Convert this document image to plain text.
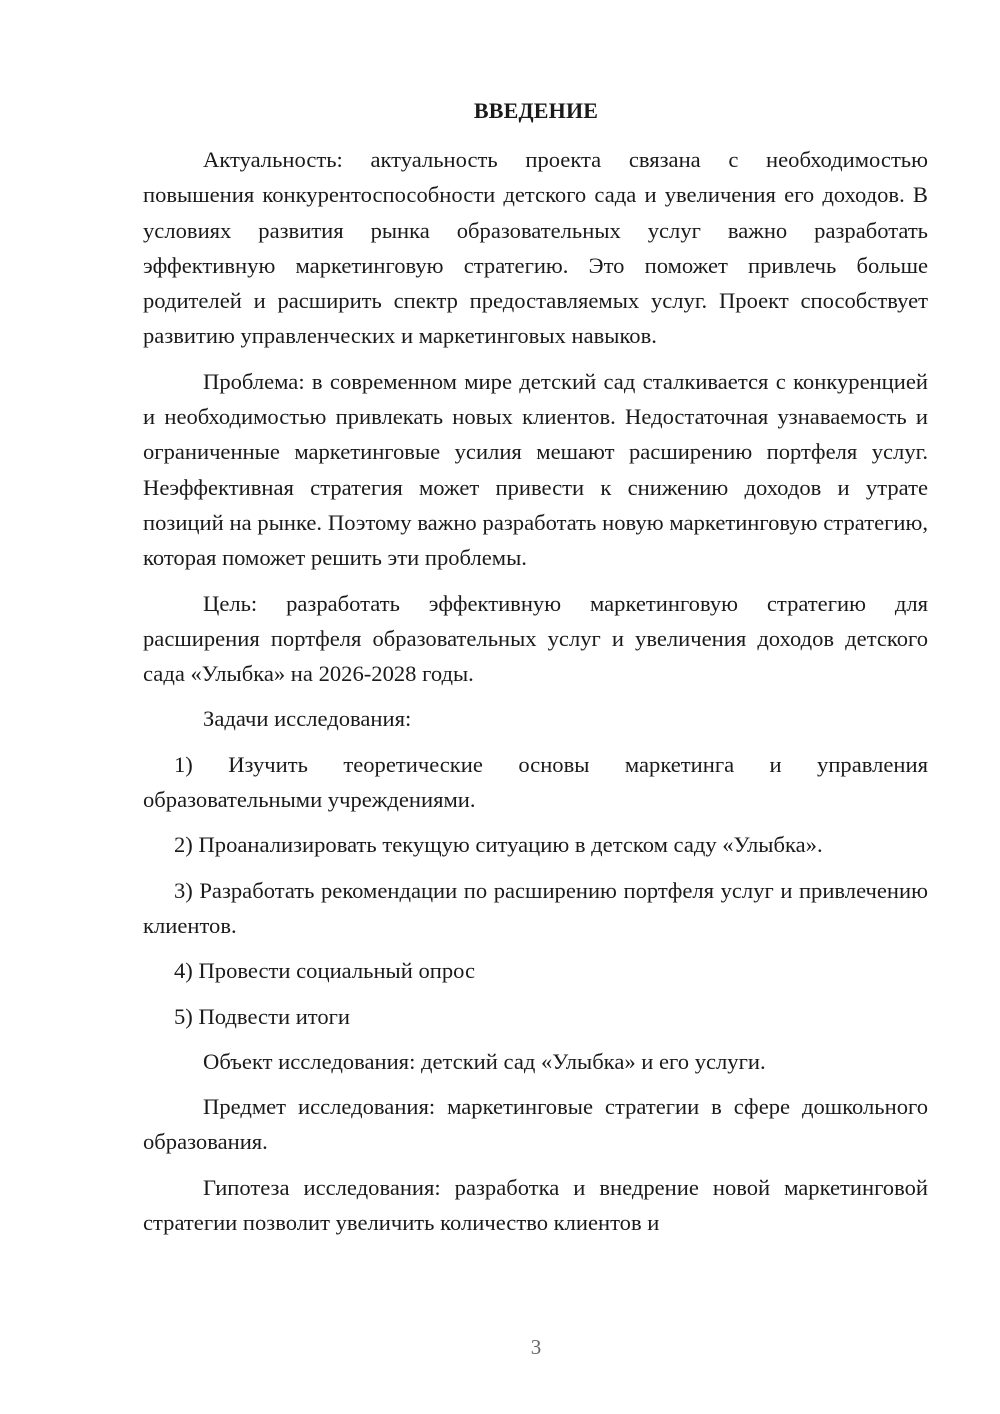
ВВЕДЕНИЕ

Актуальность: актуальность проекта связана с необходимостью повышения конкурентоспособности детского сада и увеличения его доходов. В условиях развития рынка образовательных услуг важно разработать эффективную маркетинговую стратегию. Это поможет привлечь больше родителей и расширить спектр предоставляемых услуг. Проект способствует развитию управленческих и маркетинговых навыков.

Проблема: в современном мире детский сад сталкивается с конкуренцией и необходимостью привлекать новых клиентов. Недостаточная узнаваемость и ограниченные маркетинговые усилия мешают расширению портфеля услуг. Неэффективная стратегия может привести к снижению доходов и утрате позиций на рынке. Поэтому важно разработать новую маркетинговую стратегию, которая поможет решить эти проблемы.

Цель: разработать эффективную маркетинговую стратегию для расширения портфеля образовательных услуг и увеличения доходов детского сада «Улыбка» на 2026-2028 годы.

Задачи исследования:

1) Изучить теоретические основы маркетинга и управления образовательными учреждениями.

2) Проанализировать текущую ситуацию в детском саду «Улыбка».

3) Разработать рекомендации по расширению портфеля услуг и привлечению клиентов.

4) Провести социальный опрос

5) Подвести итоги

Объект исследования: детский сад «Улыбка» и его услуги.

Предмет исследования: маркетинговые стратегии в сфере дошкольного образования.

Гипотеза исследования: разработка и внедрение новой маркетинговой стратегии позволит увеличить количество клиентов и

3
